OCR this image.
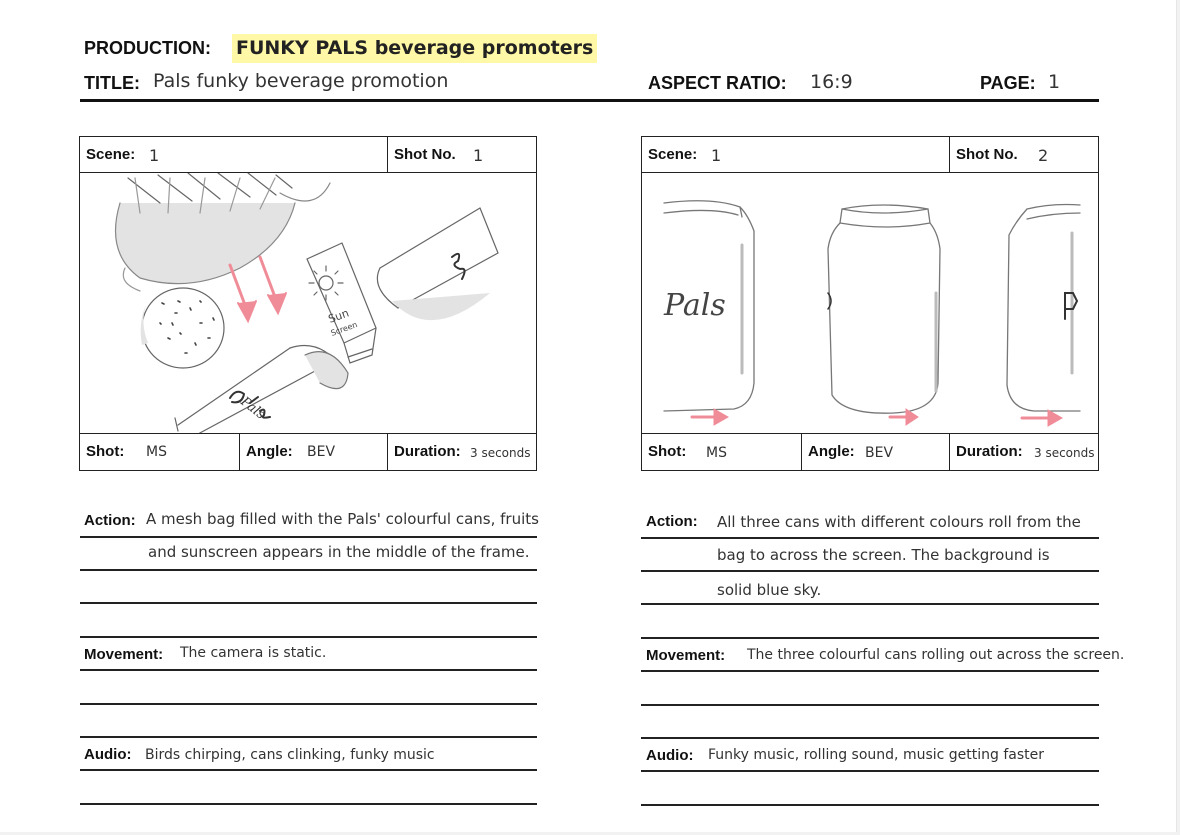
PRODUCTION: FUNKY PALS beverage promoters
TITLE: Pals funky beverage promotion	ASPECT RATIO: 16:9	PAGE: 1
Scene: 1	Shot No. 1
Sun
Screen
Pals
Shot: MS	Angle: BEV	Duration: 3 seconds
Action: A mesh bag filled with the Pals' colourful cans, fruits
and sunscreen appears in the middle of the frame.
Movement: The camera is static.
Audio: Birds chirping, cans clinking, funky music
Scene: 1	Shot No. 2
Pals
Shot: MS	Angle: BEV	Duration: 3 seconds
Action: All three cans with different colours roll from the
bag to across the screen. The background is
solid blue sky.
Movement: The three colourful cans rolling out across the screen.
Audio: Funky music, rolling sound, music getting faster
